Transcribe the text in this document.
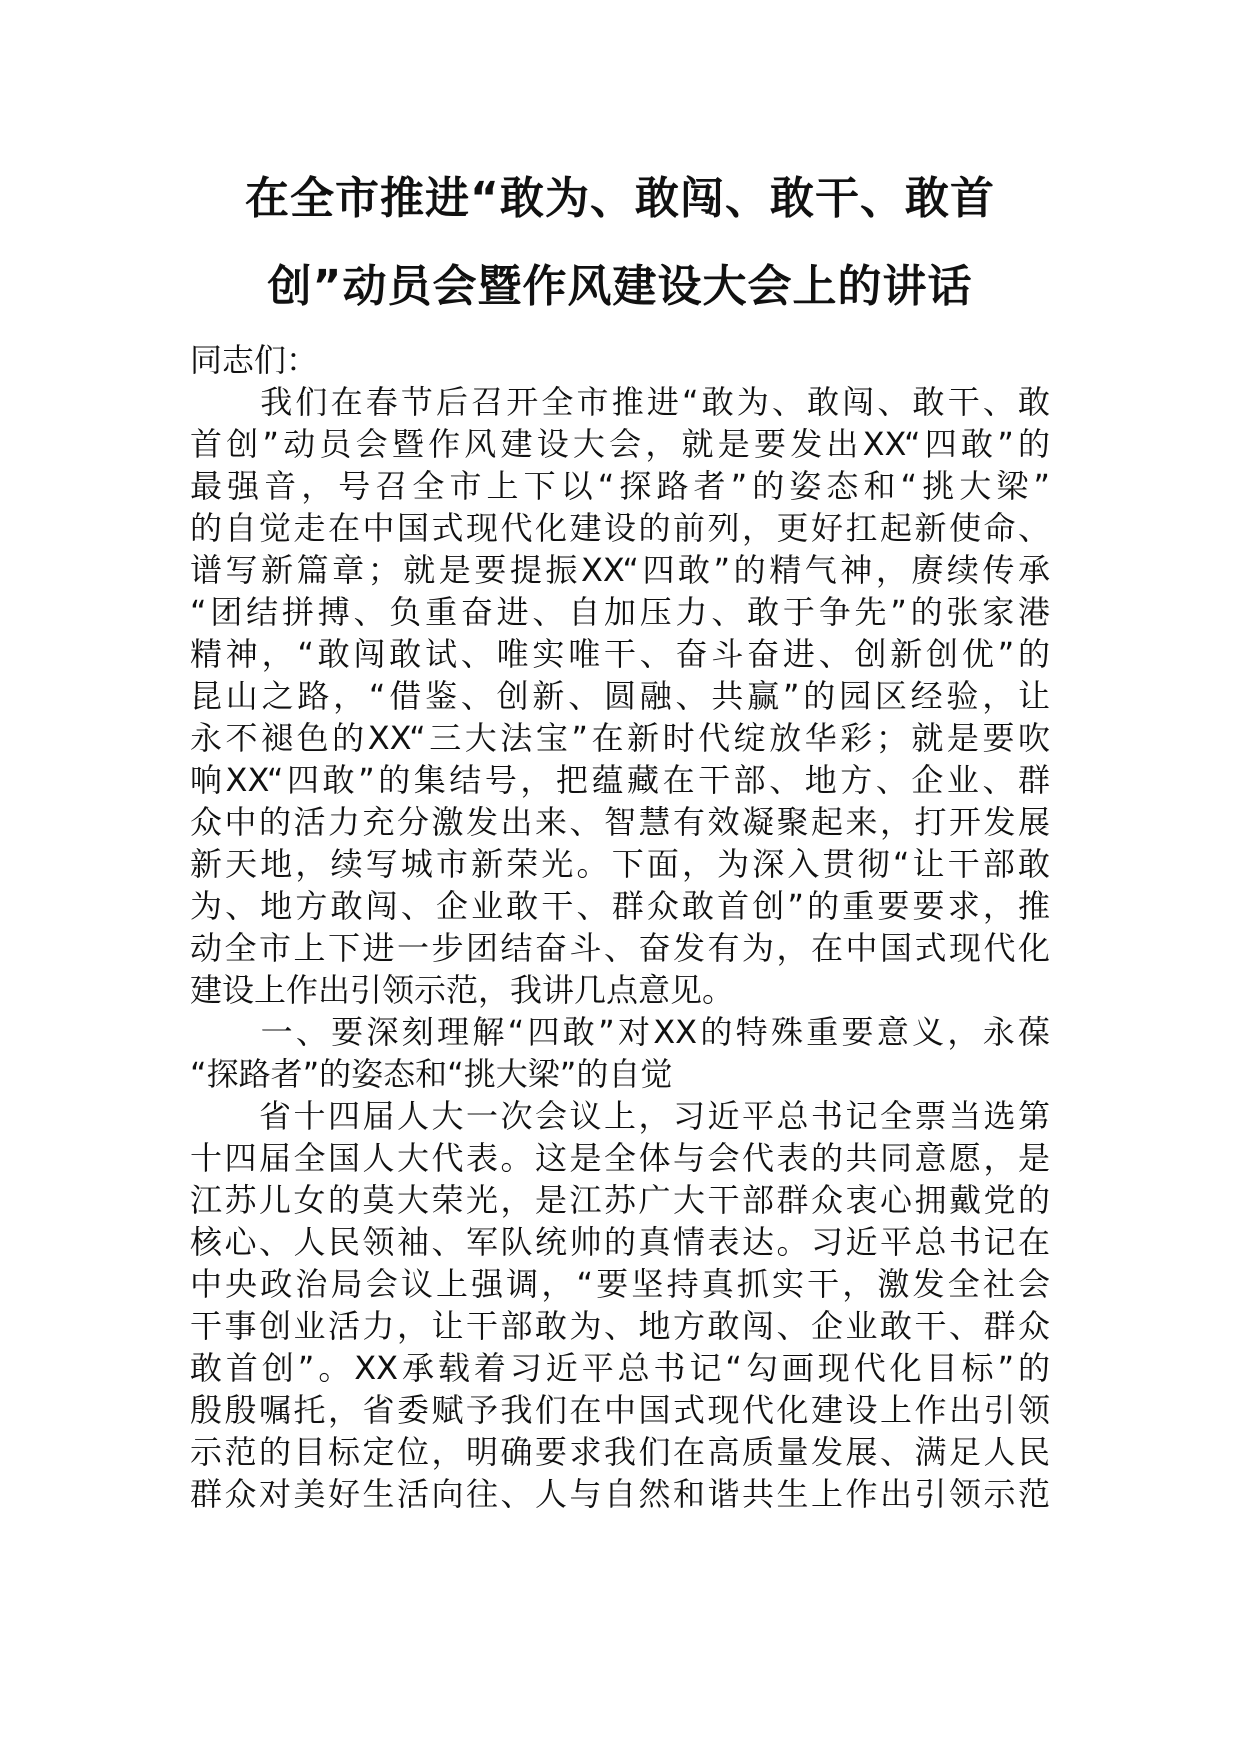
在全市推进“敢为、敢闯、敢干、敢首
创”动员会暨作风建设大会上的讲话
同志们：
　　我们在春节后召开全市推进“敢为、敢闯、敢干、敢
首创”动员会暨作风建设大会，就是要发出XX“四敢”的
最强音，号召全市上下以“探路者”的姿态和“挑大梁”
的自觉走在中国式现代化建设的前列，更好扛起新使命、
谱写新篇章；就是要提振XX“四敢”的精气神，赓续传承
“团结拼搏、负重奋进、自加压力、敢于争先”的张家港
精神，“敢闯敢试、唯实唯干、奋斗奋进、创新创优”的
昆山之路，“借鉴、创新、圆融、共赢”的园区经验，让
永不褪色的XX“三大法宝”在新时代绽放华彩；就是要吹
响XX“四敢”的集结号，把蕴藏在干部、地方、企业、群
众中的活力充分激发出来、智慧有效凝聚起来，打开发展
新天地，续写城市新荣光。下面，为深入贯彻“让干部敢
为、地方敢闯、企业敢干、群众敢首创”的重要要求，推
动全市上下进一步团结奋斗、奋发有为，在中国式现代化
建设上作出引领示范，我讲几点意见。
　　一、要深刻理解“四敢”对XX的特殊重要意义，永葆
“探路者”的姿态和“挑大梁”的自觉
　　省十四届人大一次会议上，习近平总书记全票当选第
十四届全国人大代表。这是全体与会代表的共同意愿，是
江苏儿女的莫大荣光，是江苏广大干部群众衷心拥戴党的
核心、人民领袖、军队统帅的真情表达。习近平总书记在
中央政治局会议上强调，“要坚持真抓实干，激发全社会
干事创业活力，让干部敢为、地方敢闯、企业敢干、群众
敢首创”。XX承载着习近平总书记“勾画现代化目标”的
殷殷嘱托，省委赋予我们在中国式现代化建设上作出引领
示范的目标定位，明确要求我们在高质量发展、满足人民
群众对美好生活向往、人与自然和谐共生上作出引领示范
